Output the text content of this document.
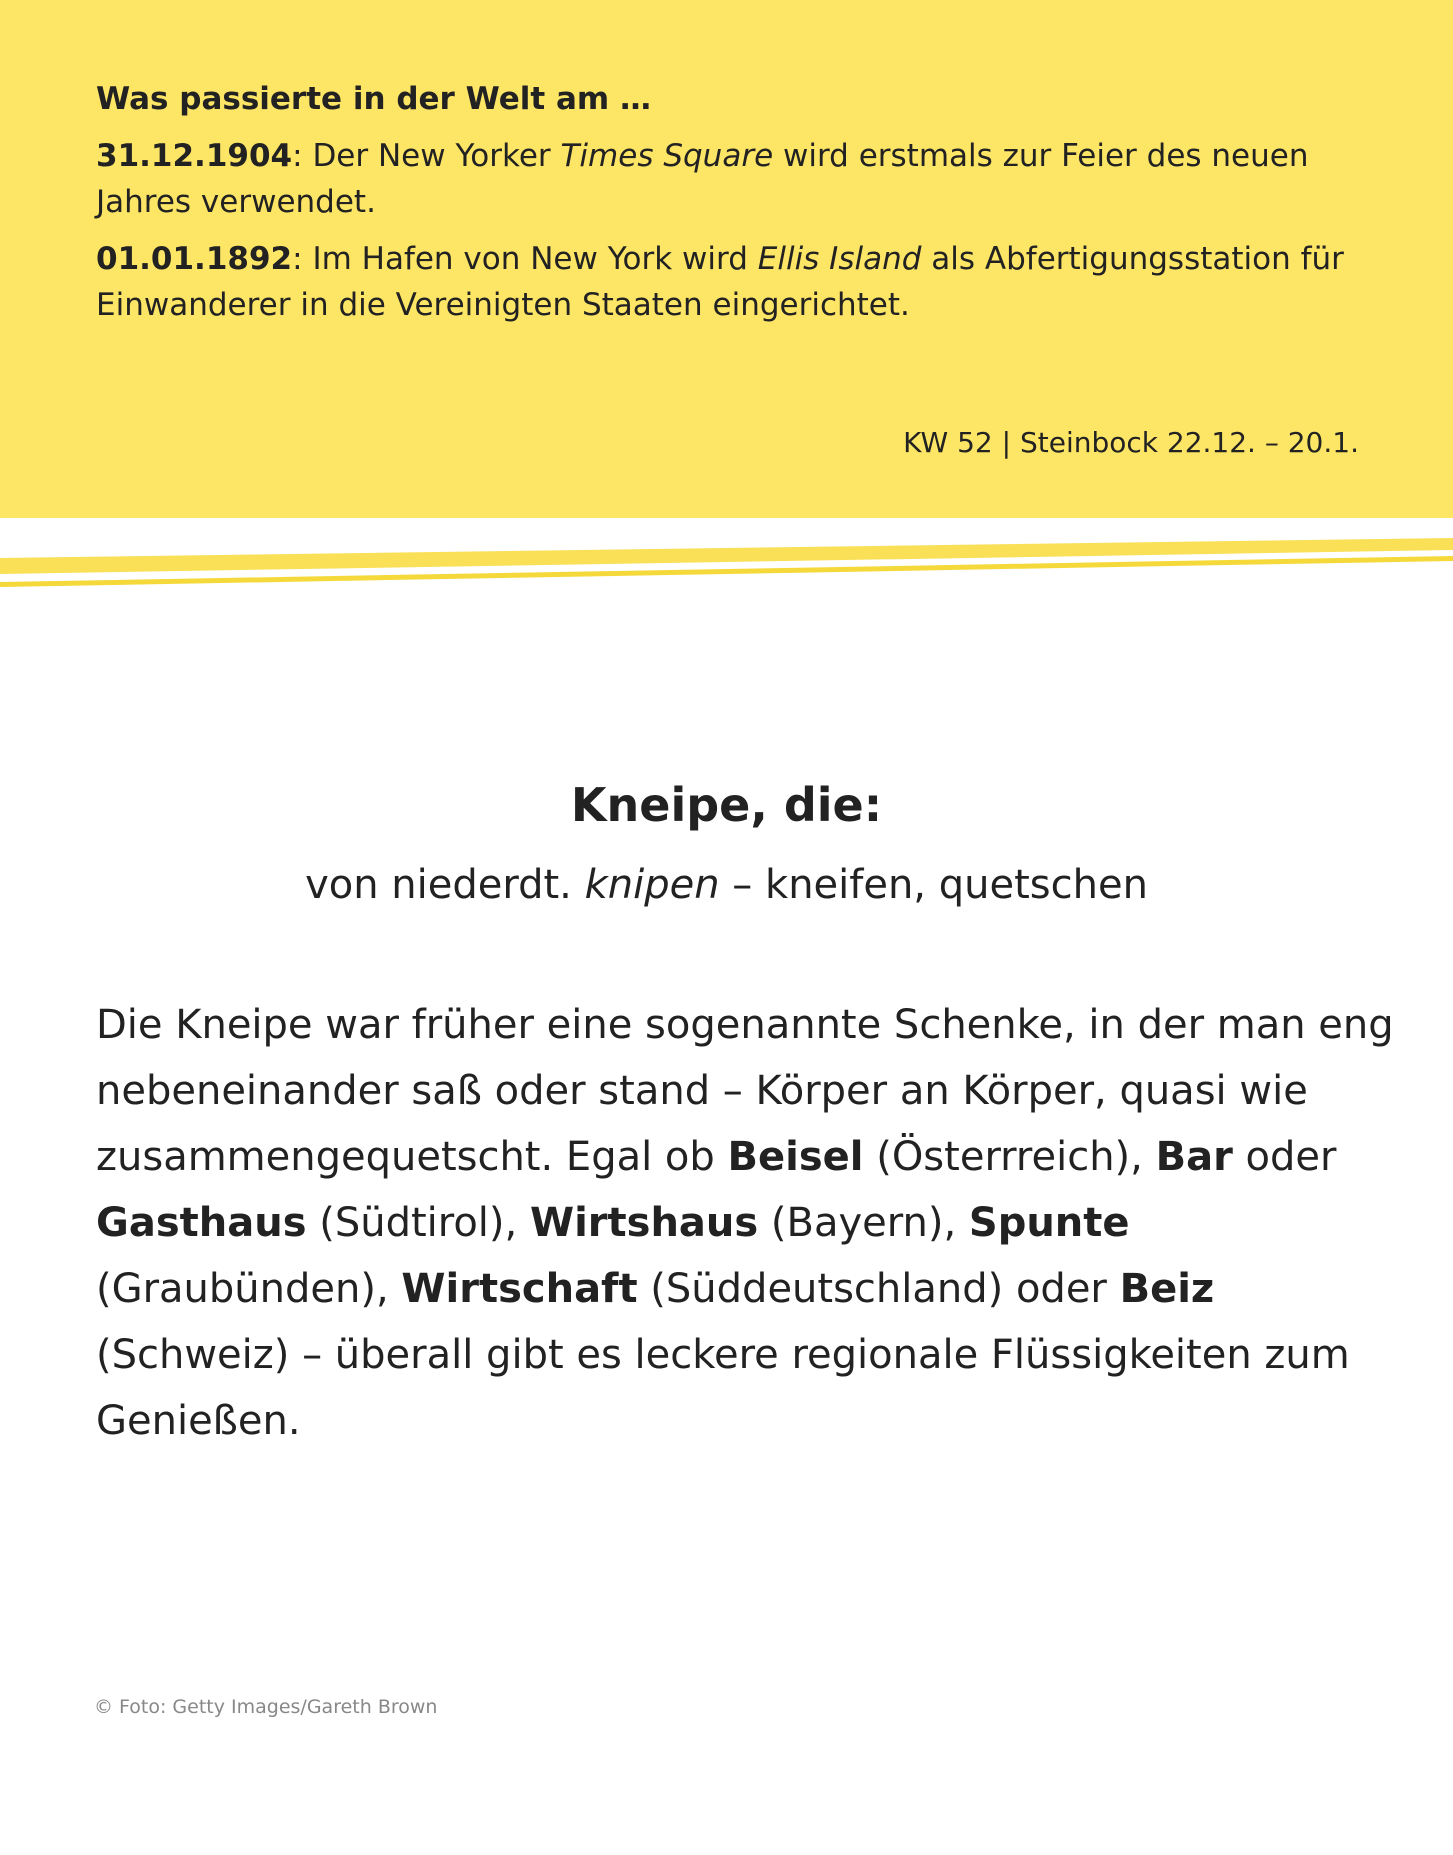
Was passierte in der Welt am …

31.12.1904: Der New Yorker Times Square wird erstmals zur Feier des neuen Jahres verwendet.

01.01.1892: Im Hafen von New York wird Ellis Island als Abfertigungsstation für Einwanderer in die Vereinigten Staaten eingerichtet.

KW 52 | Steinbock 22.12. – 20.1.
Kneipe, die:
von niederdt. knipen – kneifen, quetschen
Die Kneipe war früher eine sogenannte Schenke, in der man eng nebeneinander saß oder stand – Körper an Körper, quasi wie zusammengequetscht. Egal ob Beisel (Österrreich), Bar oder Gasthaus (Südtirol), Wirtshaus (Bayern), Spunte (Graubünden), Wirtschaft (Süddeutschland) oder Beiz (Schweiz) – überall gibt es leckere regionale Flüssigkeiten zum Genießen.
© Foto: Getty Images/Gareth Brown
